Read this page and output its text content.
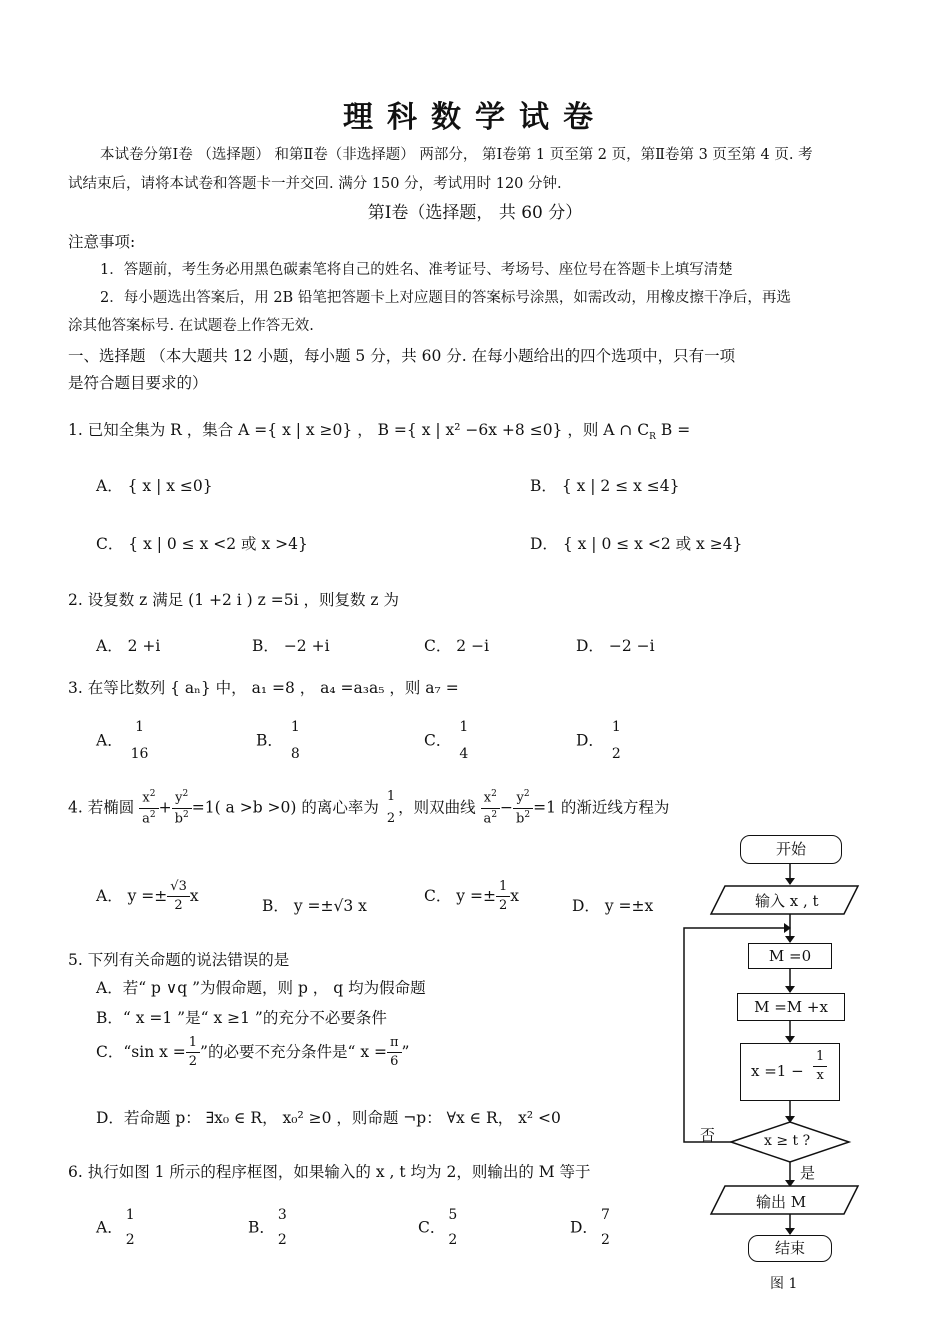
理科数学试卷
本试卷分第Ⅰ卷 （选择题） 和第Ⅱ卷（非选择题） 两部分， 第Ⅰ卷第 1 页至第 2 页，第Ⅱ卷第 3 页至第 4 页. 考
试结束后，请将本试卷和答题卡一并交回. 满分 150 分，考试用时 120 分钟.
第Ⅰ卷（选择题， 共 60 分）
注意事项:
1．答题前，考生务必用黑色碳素笔将自己的姓名、准考证号、考场号、座位号在答题卡上填写清楚
2．每小题选出答案后，用 2B 铅笔把答题卡上对应题目的答案标号涂黑，如需改动，用橡皮擦干净后，再选
涂其他答案标号. 在试题卷上作答无效.
一、选择题 （本大题共 12 小题，每小题 5 分，共 60 分. 在每小题给出的四个选项中，只有一项
是符合题目要求的）
1. 已知全集为 R ，集合 A ={ x | x ≥0} ， B ={ x | x² −6x +8 ≤0} ，则 A ∩ $C_R$ B =
A． { x | x ≤0}	B． { x | 2 ≤ x ≤4}
C． { x | 0 ≤ x <2 或 x >4}	D． { x | 0 ≤ x <2 或 x ≥4}
2. 设复数 z 满足 (1 +2 i ) z =5i ，则复数 z 为
A． 2 +i	B． −2 +i	C． 2 −i	D． −2 −i
3. 在等比数列 { aₙ} 中， a₁ =8 ， a₄ =a₃a₅ ，则 a₇ =
A．
1
16
B．
1
8
C．
1
4
D．
1
2
4. 若椭圆 $\frac{x^2}{a^2} + \frac{y^2}{b^2} =1$( a >b >0) 的离心率为
1
2
，则双曲线 $\frac{x^2}{a^2} - \frac{y^2}{b^2} =1$ 的渐近线方程为
A． $y =\pm \frac{√3}{2}$ x
B． y =±√3 x
C． $y =\pm \frac{1}{2}$ x
D． y =±x
5. 下列有关命题的说法错误的是
A．若“ p ∨q ”为假命题，则 p ， q 均为假命题
B．“ x =1 ”是“ x ≥1 ”的充分不必要条件
C．“sin $x = \frac{1}{2}$ ”的必要不充分条件是“ $x = \frac{\pi}{6}$ ”
D．若命题 p： ∃x₀ ∈ R， x₀² ≥0 ，则命题 ¬p： ∀x ∈ R， x² <0
6. 执行如图 1 所示的程序框图，如果输入的 x , t 均为 2，则输出的 M 等于
A．
1
2
B．
3
2
C．
5
2
D．
7
2
开始
输入 x , t
M =0
M =M +x
x =1 −
1
x
x ≥ t ?
否
是
输出 M
结束
图 1
